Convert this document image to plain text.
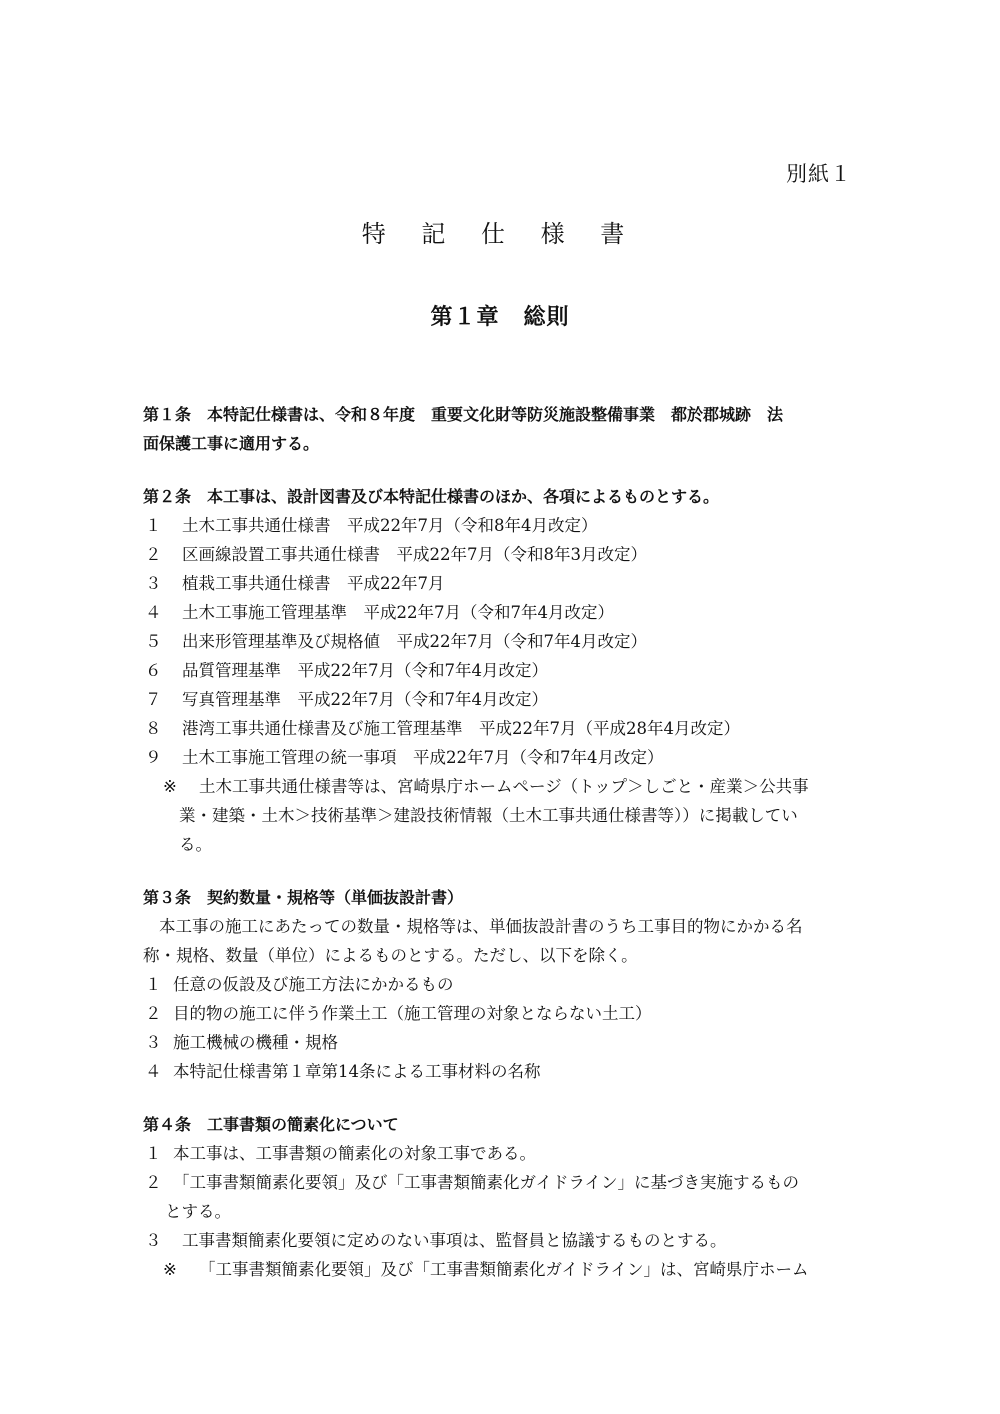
別紙１
特 記 仕 様 書
第１章 総則
第１条　本特記仕様書は、令和８年度　重要文化財等防災施設整備事業　都於郡城跡　法
面保護工事に適用する。
第２条　本工事は、設計図書及び本特記仕様書のほか、各項によるものとする。
１	土木工事共通仕様書　平成22年7月（令和8年4月改定）
２	区画線設置工事共通仕様書　平成22年7月（令和8年3月改定）
３	植栽工事共通仕様書　平成22年7月
４	土木工事施工管理基準　平成22年7月（令和7年4月改定）
５	出来形管理基準及び規格値　平成22年7月（令和7年4月改定）
６	品質管理基準　平成22年7月（令和7年4月改定）
７	写真管理基準　平成22年7月（令和7年4月改定）
８	港湾工事共通仕様書及び施工管理基準　平成22年7月（平成28年4月改定）
９	土木工事施工管理の統一事項　平成22年7月（令和7年4月改定）
※ 土木工事共通仕様書等は、宮崎県庁ホームページ（トップ＞しごと・産業＞公共事
業・建築・土木＞技術基準＞建設技術情報（土木工事共通仕様書等））に掲載してい
る。
第３条　契約数量・規格等（単価抜設計書）
本工事の施工にあたっての数量・規格等は、単価抜設計書のうち工事目的物にかかる名
称・規格、数量（単位）によるものとする。ただし、以下を除く。
１ 任意の仮設及び施工方法にかかるもの
２ 目的物の施工に伴う作業土工（施工管理の対象とならない土工）
３ 施工機械の機種・規格
４ 本特記仕様書第１章第14条による工事材料の名称
第４条　工事書類の簡素化について
１ 本工事は、工事書類の簡素化の対象工事である。
２ 「工事書類簡素化要領」及び「工事書類簡素化ガイドライン」に基づき実施するもの
とする。
３	工事書類簡素化要領に定めのない事項は、監督員と協議するものとする。
※ 「工事書類簡素化要領」及び「工事書類簡素化ガイドライン」は、宮崎県庁ホーム
